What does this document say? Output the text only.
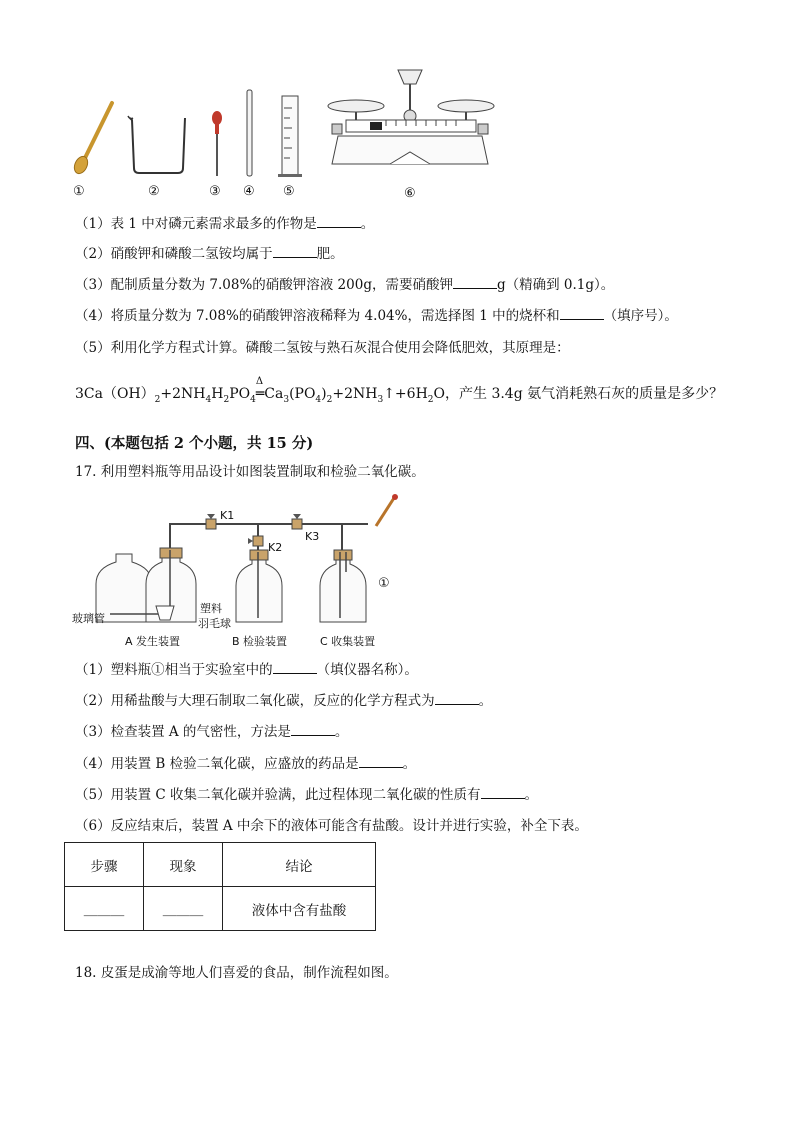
①	②	③ ④ ⑤	⑥
（1）表 1 中对磷元素需求最多的作物是	。
（2）硝酸钾和磷酸二氢铵均属于	肥。
（3）配制质量分数为 7.08%的硝酸钾溶液 200g，需要硝酸钾	g（精确到 0.1g）。
（4）将质量分数为 7.08%的硝酸钾溶液稀释为 4.04%，需选择图 1 中的烧杯和	（填序号）。
（5）利用化学方程式计算。磷酸二氢铵与熟石灰混合使用会降低肥效，其原理是：
$3Ca(OH)_2+2NH_4H_2PO_4$
Δ
$═Ca_3(PO_4)_2+2NH_3↑+6H_2O$，产生 3.4g 氨气消耗熟石灰的质量是多少？
四、(本题包括 2 个小题，共 15 分)
17. 利用塑料瓶等用品设计如图装置制取和检验二氧化碳。
K1
K2
K3
①
玻璃管
塑料
羽毛球
A 发生装置	B 检验装置	C 收集装置
（1）塑料瓶①相当于实验室中的	（填仪器名称）。
（2）用稀盐酸与大理石制取二氧化碳，反应的化学方程式为	。
（3）检查装置 A 的气密性，方法是	。
（4）用装置 B 检验二氧化碳，应盛放的药品是	。
（5）用装置 C 收集二氧化碳并验满，此过程体现二氧化碳的性质有	。
（6）反应结束后，装置 A 中余下的液体可能含有盐酸。设计并进行实验，补全下表。
步骤	现象	结论
______	______	液体中含有盐酸
18. 皮蛋是成渝等地人们喜爱的食品，制作流程如图。
